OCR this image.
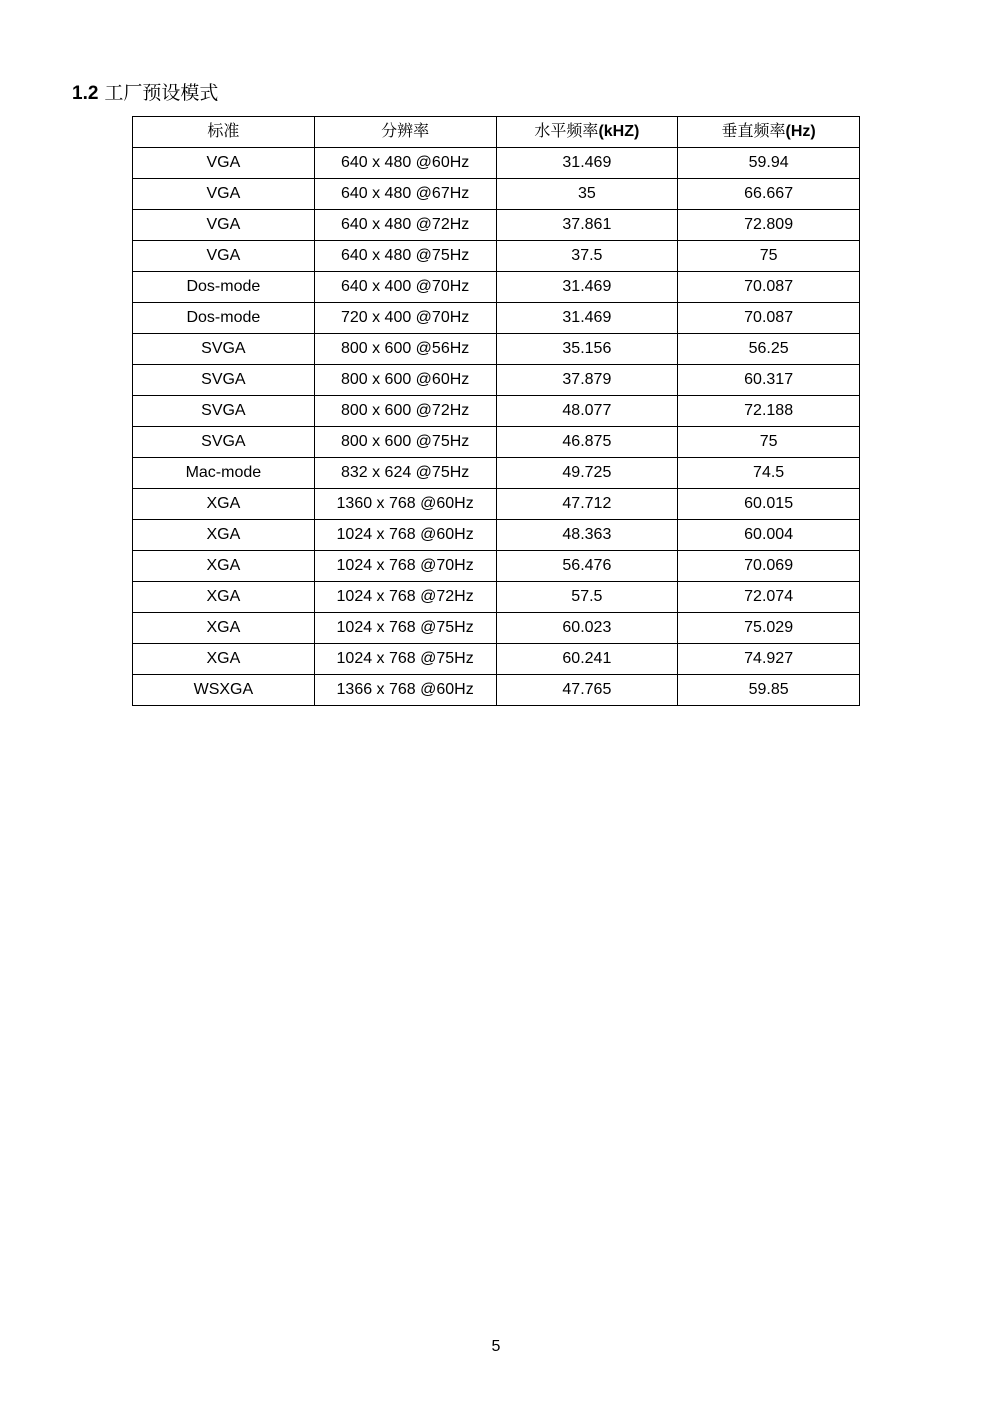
1.2 工厂预设模式
标准	分辨率	水平频率(kHZ)	垂直频率(Hz)
VGA	640 x 480 @60Hz	31.469	59.94
VGA	640 x 480 @67Hz	35	66.667
VGA	640 x 480 @72Hz	37.861	72.809
VGA	640 x 480 @75Hz	37.5	75
Dos-mode	640 x 400 @70Hz	31.469	70.087
Dos-mode	720 x 400 @70Hz	31.469	70.087
SVGA	800 x 600 @56Hz	35.156	56.25
SVGA	800 x 600 @60Hz	37.879	60.317
SVGA	800 x 600 @72Hz	48.077	72.188
SVGA	800 x 600 @75Hz	46.875	75
Mac-mode	832 x 624 @75Hz	49.725	74.5
XGA	1360 x 768 @60Hz	47.712	60.015
XGA	1024 x 768 @60Hz	48.363	60.004
XGA	1024 x 768 @70Hz	56.476	70.069
XGA	1024 x 768 @72Hz	57.5	72.074
XGA	1024 x 768 @75Hz	60.023	75.029
XGA	1024 x 768 @75Hz	60.241	74.927
WSXGA	1366 x 768 @60Hz	47.765	59.85
5
